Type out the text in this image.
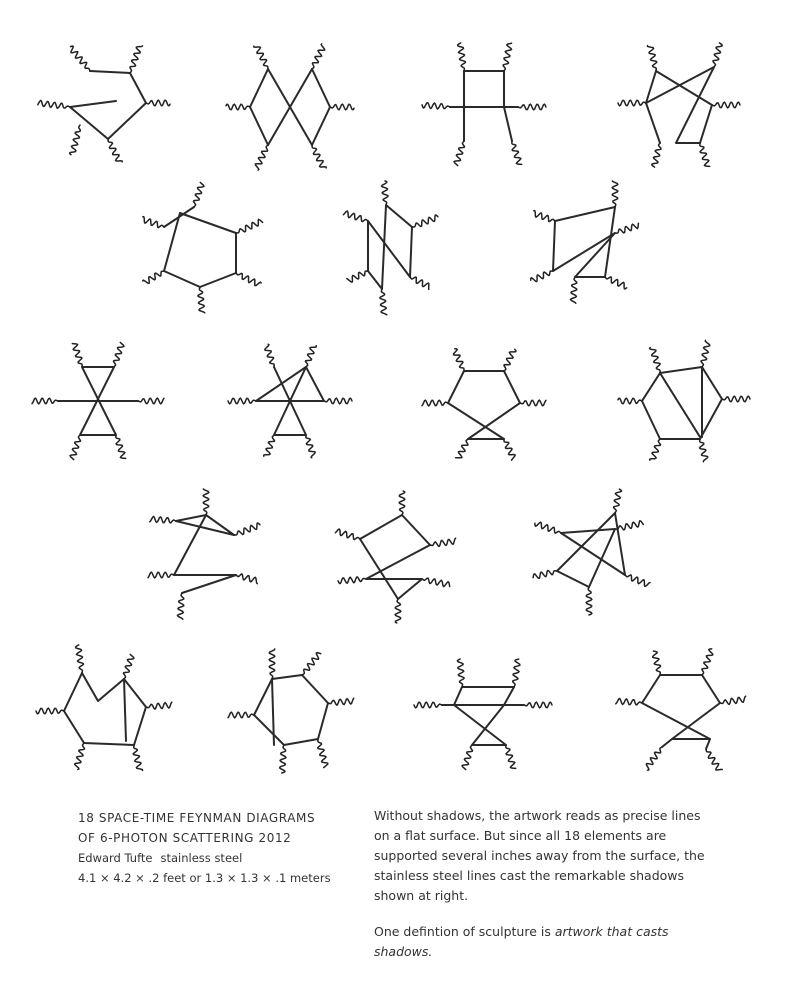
18 SPACE-TIME FEYNMAN DIAGRAMS
OF 6-PHOTON SCATTERING 2012
Edward Tufte stainless steel
4.1 × 4.2 × .2 feet or 1.3 × 1.3 × .1 meters

Without shadows, the artwork reads as precise lines on a flat surface. But since all 18 elements are supported several inches away from the surface, the stainless steel lines cast the remarkable shadows shown at right.

One defintion of sculpture is artwork that casts shadows.
